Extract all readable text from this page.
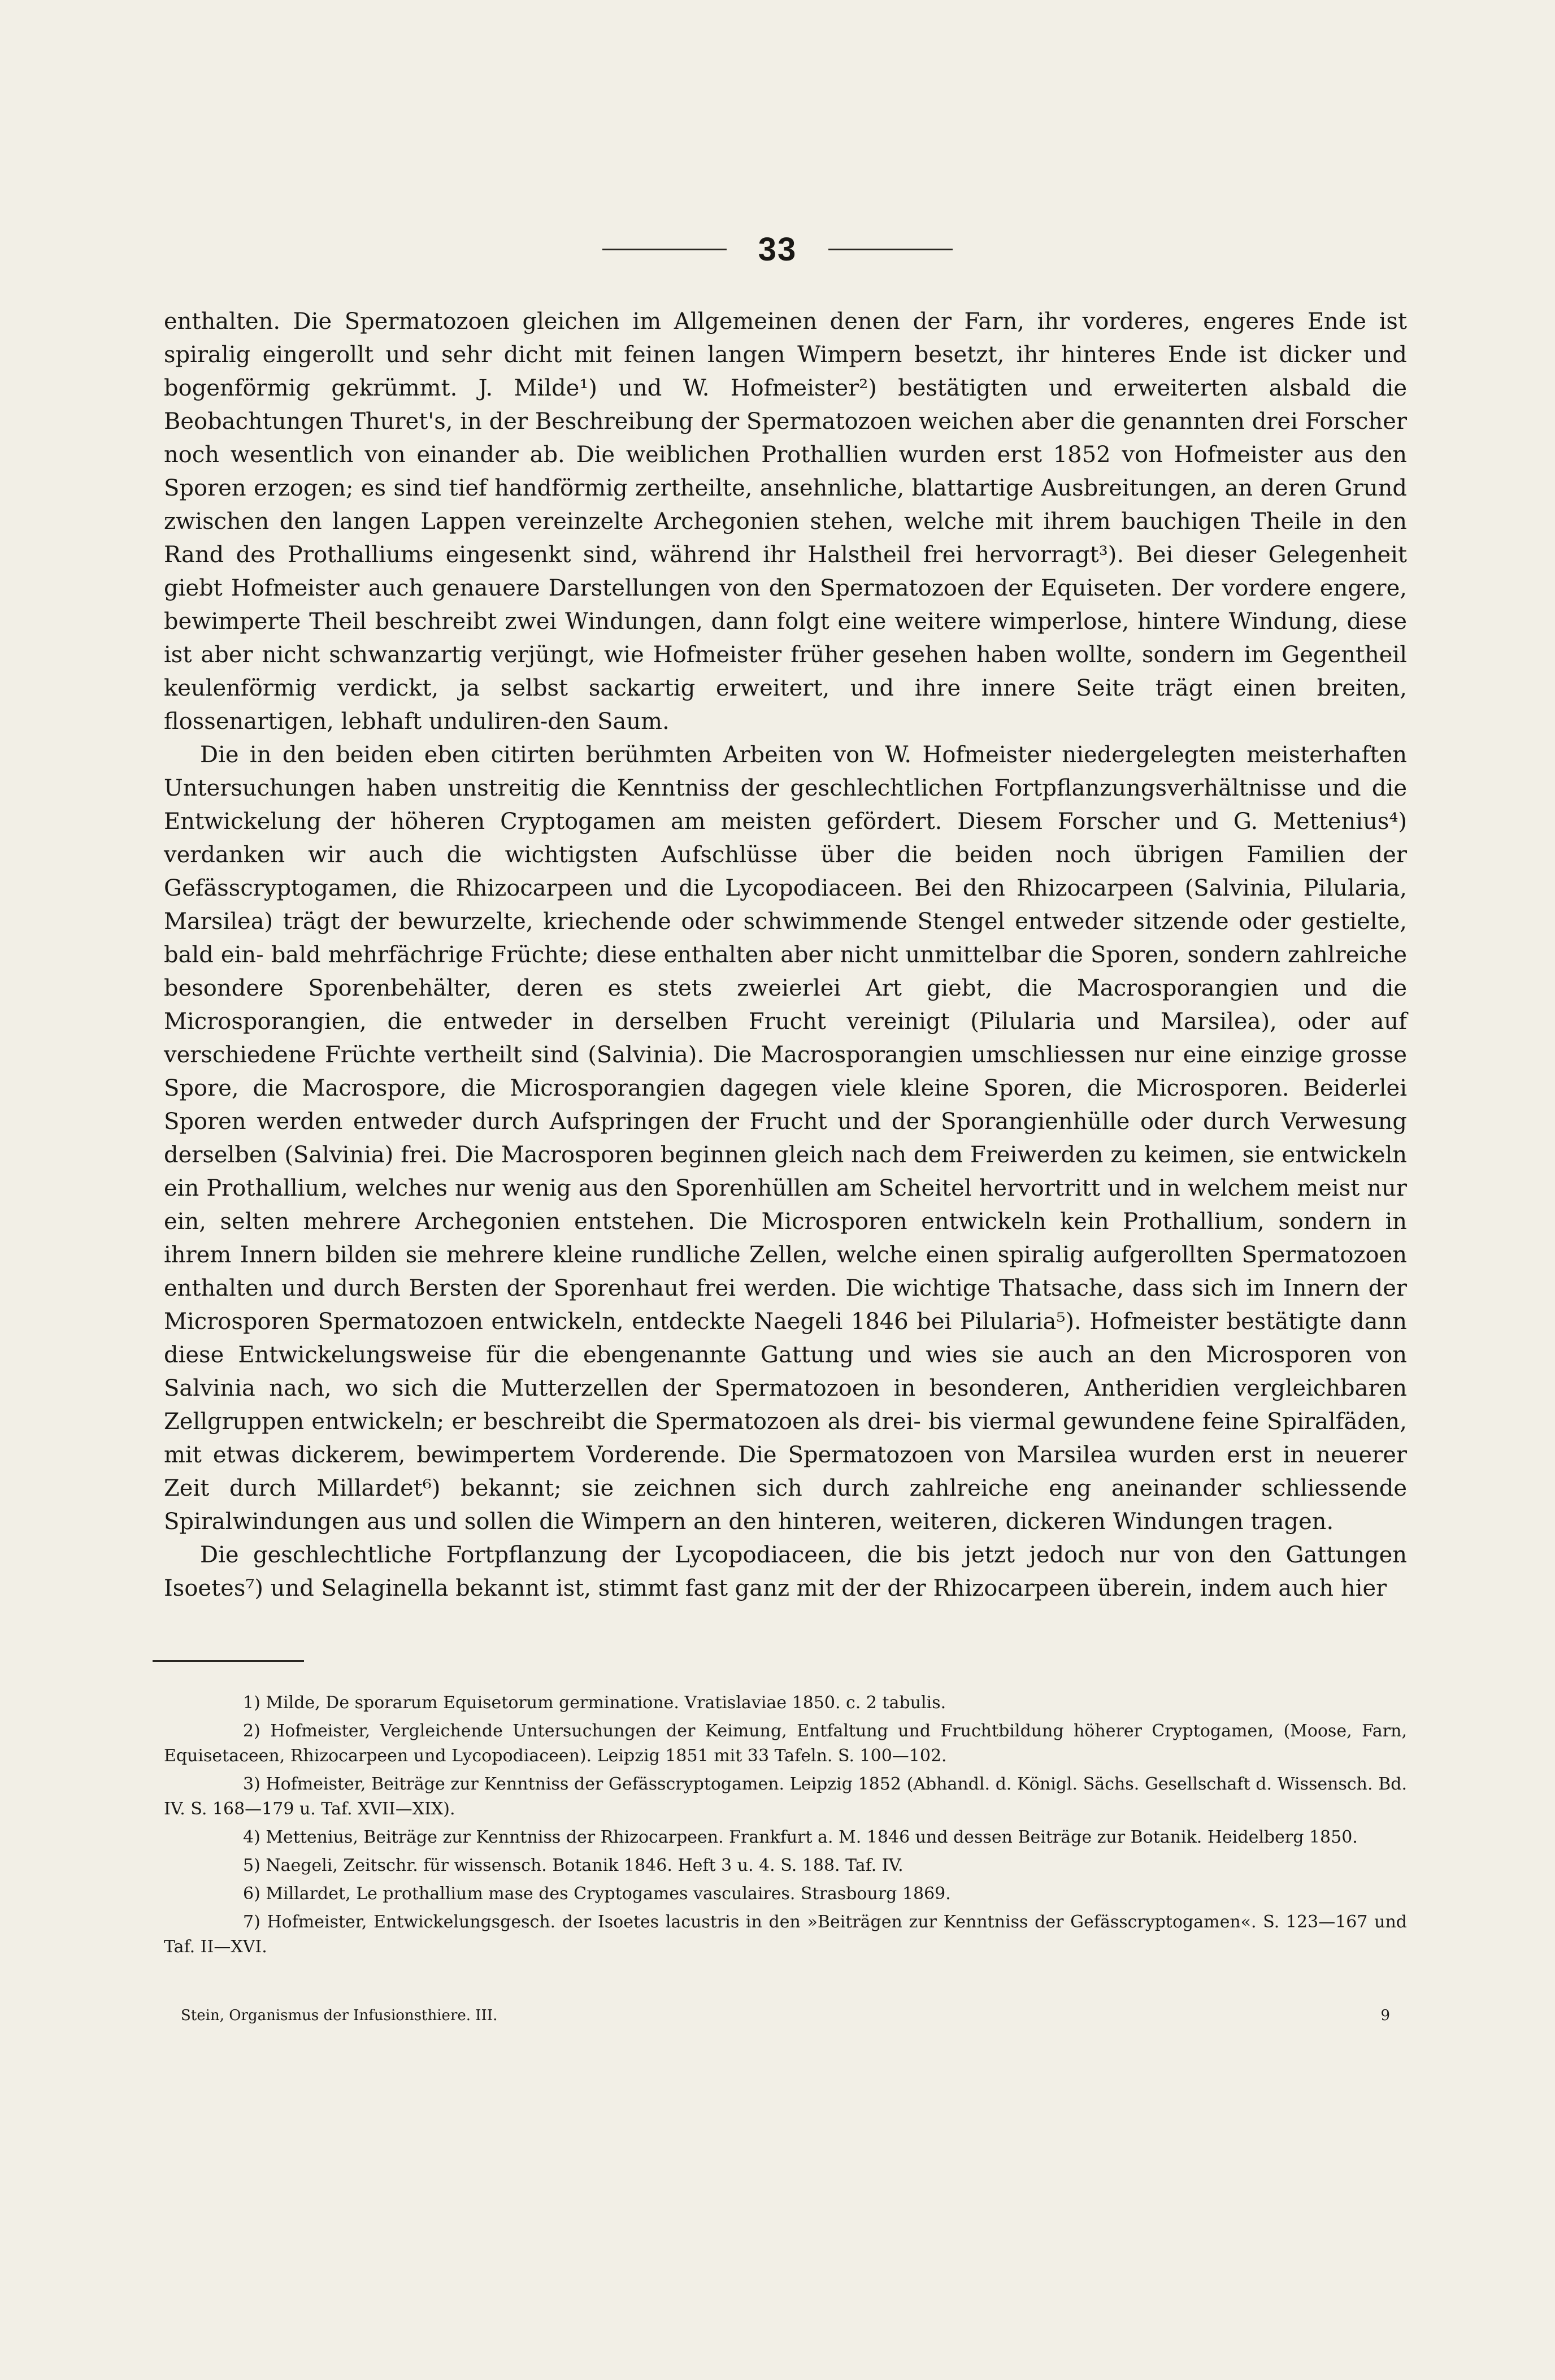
33

enthalten. Die Spermatozoen gleichen im Allgemeinen denen der Farn, ihr vorderes, engeres Ende ist spiralig eingerollt und sehr dicht mit feinen langen Wimpern besetzt, ihr hinteres Ende ist dicker und bogenförmig gekrümmt. J. Milde¹) und W. Hofmeister²) bestätigten und erweiterten alsbald die Beobachtungen Thuret's, in der Beschreibung der Spermatozoen weichen aber die genannten drei Forscher noch wesentlich von einander ab. Die weiblichen Prothallien wurden erst 1852 von Hofmeister aus den Sporen erzogen; es sind tief handförmig zertheilte, ansehnliche, blattartige Ausbreitungen, an deren Grund zwischen den langen Lappen vereinzelte Archegonien stehen, welche mit ihrem bauchigen Theile in den Rand des Prothalliums eingesenkt sind, während ihr Halstheil frei hervorragt³). Bei dieser Gelegenheit giebt Hofmeister auch genauere Darstellungen von den Spermatozoen der Equiseten. Der vordere engere, bewimperte Theil beschreibt zwei Windungen, dann folgt eine weitere wimperlose, hintere Windung, diese ist aber nicht schwanzartig verjüngt, wie Hofmeister früher gesehen haben wollte, sondern im Gegentheil keulenförmig verdickt, ja selbst sackartig erweitert, und ihre innere Seite trägt einen breiten, flossenartigen, lebhaft unduliren-den Saum.

Die in den beiden eben citirten berühmten Arbeiten von W. Hofmeister niedergelegten meisterhaften Untersuchungen haben unstreitig die Kenntniss der geschlechtlichen Fortpflanzungsverhältnisse und die Entwickelung der höheren Cryptogamen am meisten gefördert. Diesem Forscher und G. Mettenius⁴) verdanken wir auch die wichtigsten Aufschlüsse über die beiden noch übrigen Familien der Gefässcryptogamen, die Rhizocarpeen und die Lycopodiaceen. Bei den Rhizocarpeen (Salvinia, Pilularia, Marsilea) trägt der bewurzelte, kriechende oder schwimmende Stengel entweder sitzende oder gestielte, bald ein- bald mehrfächrige Früchte; diese enthalten aber nicht unmittelbar die Sporen, sondern zahlreiche besondere Sporenbehälter, deren es stets zweierlei Art giebt, die Macrosporangien und die Microsporangien, die entweder in derselben Frucht vereinigt (Pilularia und Marsilea), oder auf verschiedene Früchte vertheilt sind (Salvinia). Die Macrosporangien umschliessen nur eine einzige grosse Spore, die Macrospore, die Microsporangien dagegen viele kleine Sporen, die Microsporen. Beiderlei Sporen werden entweder durch Aufspringen der Frucht und der Sporangienhülle oder durch Verwesung derselben (Salvinia) frei. Die Macrosporen beginnen gleich nach dem Freiwerden zu keimen, sie entwickeln ein Prothallium, welches nur wenig aus den Sporenhüllen am Scheitel hervortritt und in welchem meist nur ein, selten mehrere Archegonien entstehen. Die Microsporen entwickeln kein Prothallium, sondern in ihrem Innern bilden sie mehrere kleine rundliche Zellen, welche einen spiralig aufgerollten Spermatozoen enthalten und durch Bersten der Sporenhaut frei werden. Die wichtige Thatsache, dass sich im Innern der Microsporen Spermatozoen entwickeln, entdeckte Naegeli 1846 bei Pilularia⁵). Hofmeister bestätigte dann diese Entwickelungsweise für die ebengenannte Gattung und wies sie auch an den Microsporen von Salvinia nach, wo sich die Mutterzellen der Spermatozoen in besonderen, Antheridien vergleichbaren Zellgruppen entwickeln; er beschreibt die Spermatozoen als drei- bis viermal gewundene feine Spiralfäden, mit etwas dickerem, bewimpertem Vorderende. Die Spermatozoen von Marsilea wurden erst in neuerer Zeit durch Millardet⁶) bekannt; sie zeichnen sich durch zahlreiche eng aneinander schliessende Spiralwindungen aus und sollen die Wimpern an den hinteren, weiteren, dickeren Windungen tragen.

Die geschlechtliche Fortpflanzung der Lycopodiaceen, die bis jetzt jedoch nur von den Gattungen Isoetes⁷) und Selaginella bekannt ist, stimmt fast ganz mit der der Rhizocarpeen überein, indem auch hier

1) Milde, De sporarum Equisetorum germinatione. Vratislaviae 1850. c. 2 tabulis.

2) Hofmeister, Vergleichende Untersuchungen der Keimung, Entfaltung und Fruchtbildung höherer Cryptogamen, (Moose, Farn, Equisetaceen, Rhizocarpeen und Lycopodiaceen). Leipzig 1851 mit 33 Tafeln. S. 100—102.

3) Hofmeister, Beiträge zur Kenntniss der Gefässcryptogamen. Leipzig 1852 (Abhandl. d. Königl. Sächs. Gesellschaft d. Wissensch. Bd. IV. S. 168—179 u. Taf. XVII—XIX).

4) Mettenius, Beiträge zur Kenntniss der Rhizocarpeen. Frankfurt a. M. 1846 und dessen Beiträge zur Botanik. Heidelberg 1850.

5) Naegeli, Zeitschr. für wissensch. Botanik 1846. Heft 3 u. 4. S. 188. Taf. IV.

6) Millardet, Le prothallium mase des Cryptogames vasculaires. Strasbourg 1869.

7) Hofmeister, Entwickelungsgesch. der Isoetes lacustris in den »Beiträgen zur Kenntniss der Gefässcryptogamen«. S. 123—167 und Taf. II—XVI.

Stein, Organismus der Infusionsthiere. III.	9
